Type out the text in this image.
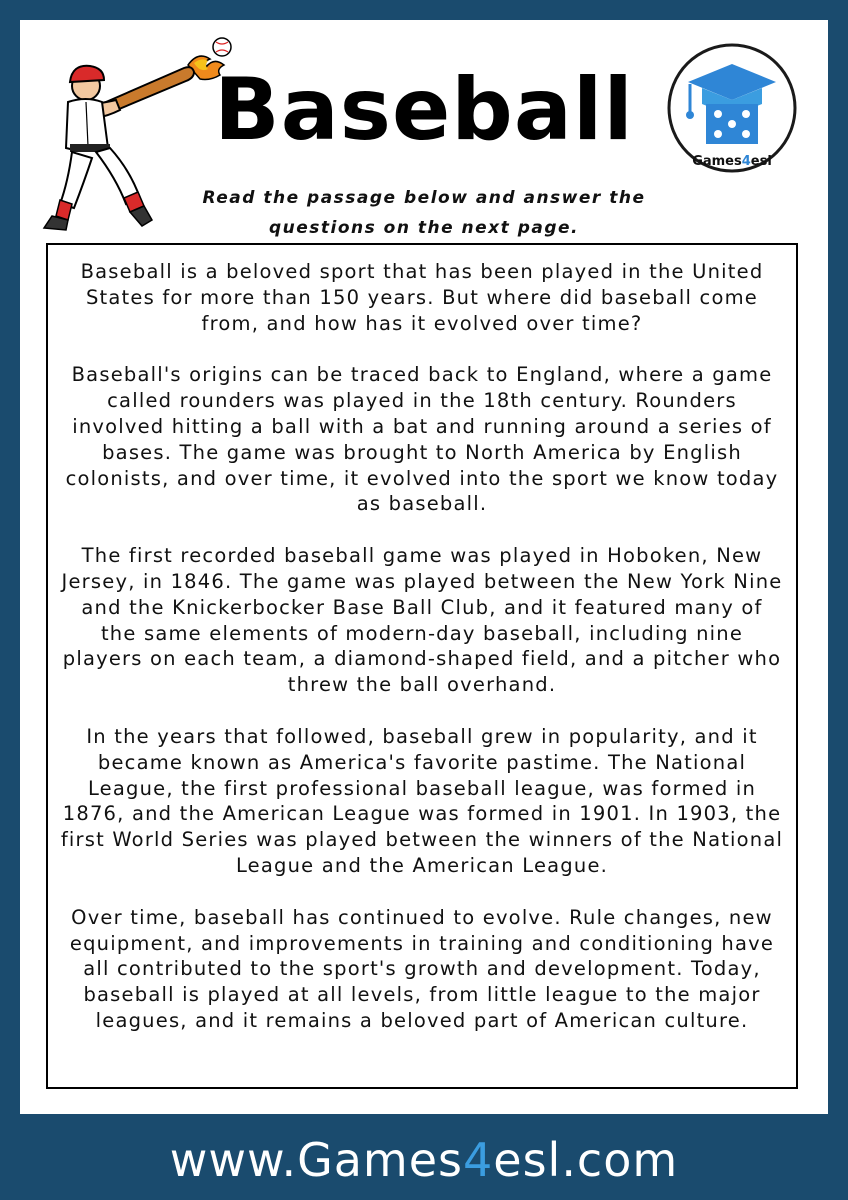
Baseball
Games4esl
Read the passage below and answer the
questions on the next page.

Baseball is a beloved sport that has been played in the United States for more than 150 years. But where did baseball come from, and how has it evolved over time?

Baseball's origins can be traced back to England, where a game called rounders was played in the 18th century. Rounders involved hitting a ball with a bat and running around a series of bases. The game was brought to North America by English colonists, and over time, it evolved into the sport we know today as baseball.

The first recorded baseball game was played in Hoboken, New Jersey, in 1846. The game was played between the New York Nine and the Knickerbocker Base Ball Club, and it featured many of the same elements of modern-day baseball, including nine players on each team, a diamond-shaped field, and a pitcher who threw the ball overhand.

In the years that followed, baseball grew in popularity, and it became known as America's favorite pastime. The National League, the first professional baseball league, was formed in 1876, and the American League was formed in 1901. In 1903, the first World Series was played between the winners of the National League and the American League.

Over time, baseball has continued to evolve. Rule changes, new equipment, and improvements in training and conditioning have all contributed to the sport's growth and development. Today, baseball is played at all levels, from little league to the major leagues, and it remains a beloved part of American culture.

www.Games4esl.com
